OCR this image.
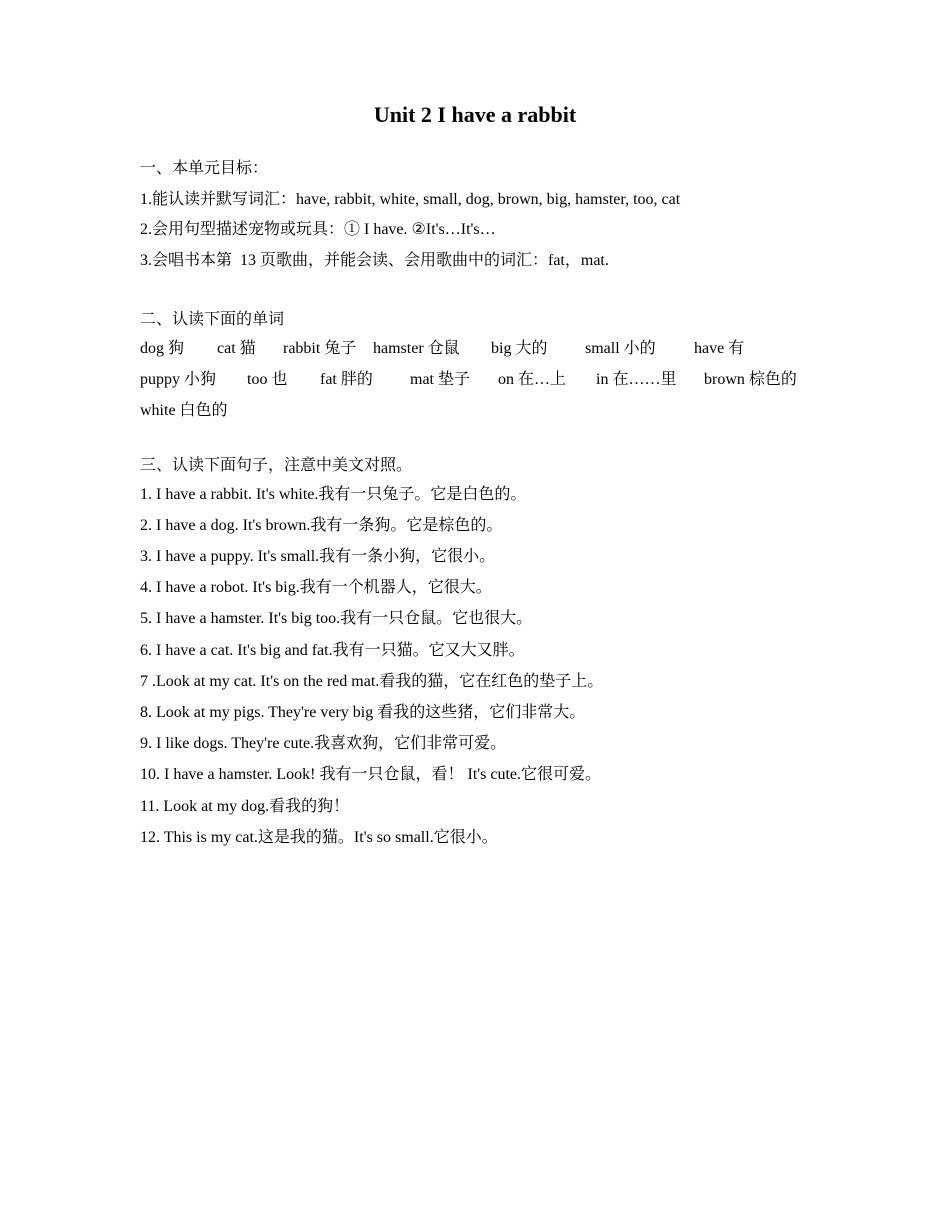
Unit 2 I have a rabbit
一、本单元目标：
1.能认读并默写词汇：have, rabbit, white, small, dog, brown, big, hamster, too, cat
2.会用句型描述宠物或玩具：① I have. ②It's…It's…
3.会唱书本第  13 页歌曲，并能会读、会用歌曲中的词汇：fat，mat.
二、认读下面的单词
dog 狗 cat 猫 rabbit 兔子 hamster 仓鼠 big 大的 small 小的 have 有
puppy 小狗 too 也 fat 胖的 mat 垫子 on 在…上 in 在……里 brown 棕色的
white 白色的
三、认读下面句子，注意中美文对照。
1. I have a rabbit. It's white.我有一只兔子。它是白色的。
2. I have a dog. It's brown.我有一条狗。它是棕色的。
3. I have a puppy. It's small.我有一条小狗，它很小。
4. I have a robot. It's big.我有一个机器人，它很大。
5. I have a hamster. It's big too.我有一只仓鼠。它也很大。
6. I have a cat. It's big and fat.我有一只猫。它又大又胖。
7 .Look at my cat. It's on the red mat.看我的猫，它在红色的垫子上。
8. Look at my pigs. They're very big 看我的这些猪，它们非常大。
9. I like dogs. They're cute.我喜欢狗，它们非常可爱。
10. I have a hamster. Look! 我有一只仓鼠，看！ It's cute.它很可爱。
11. Look at my dog.看我的狗！
12. This is my cat.这是我的猫。It's so small.它很小。
